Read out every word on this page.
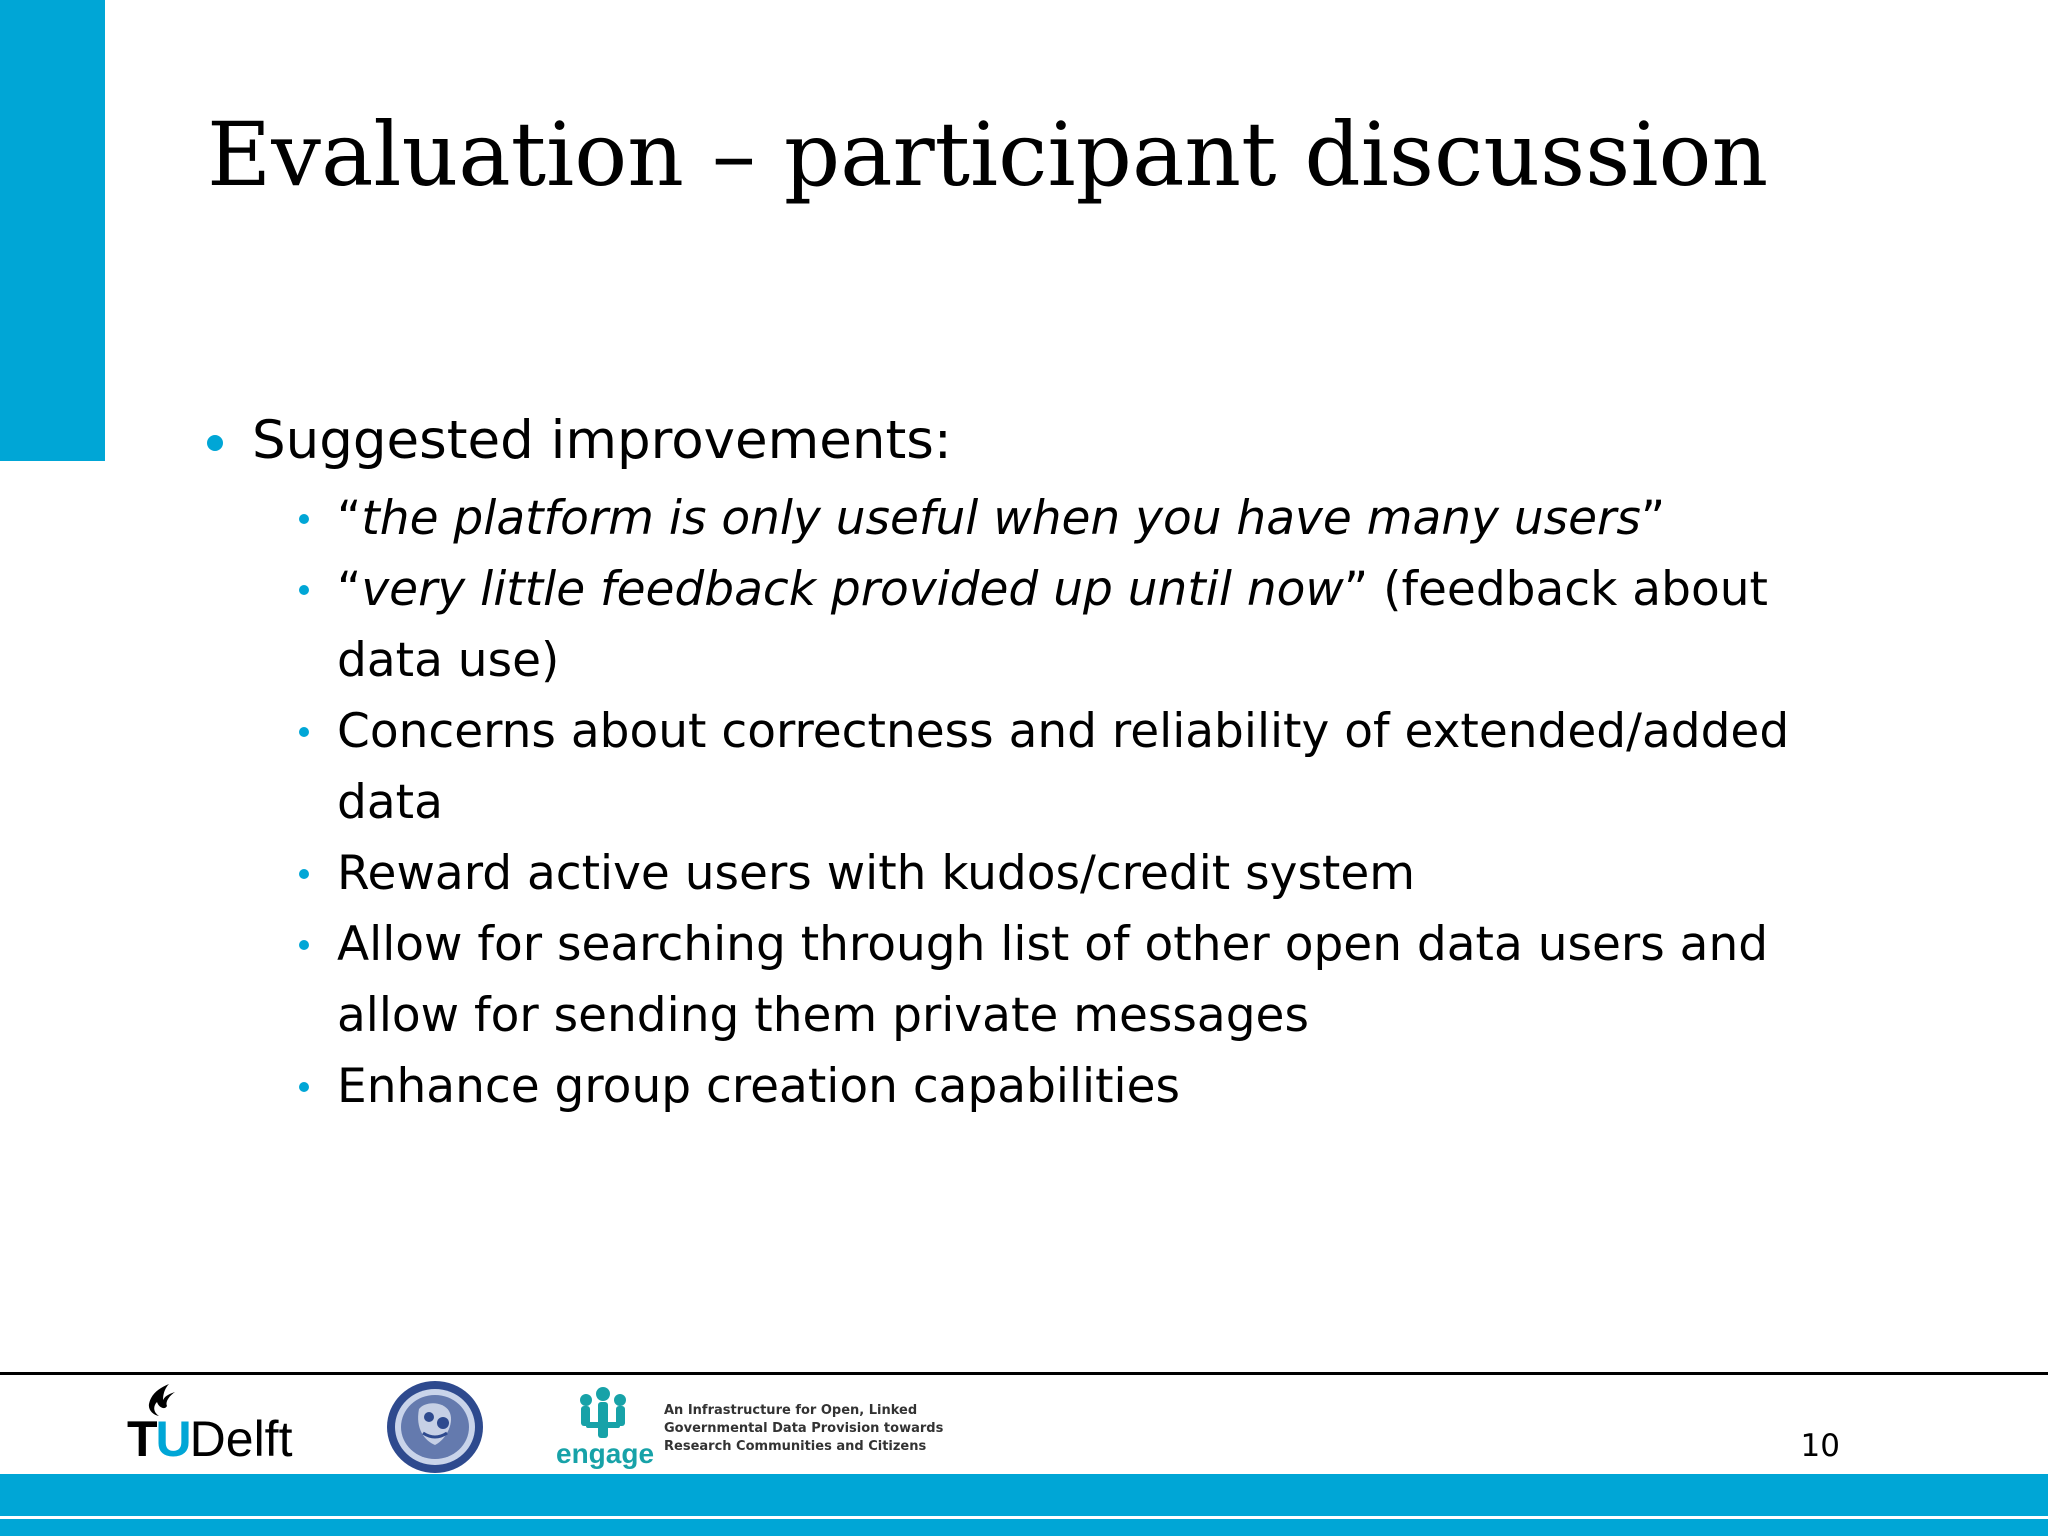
Evaluation – participant discussion
Suggested improvements:
“the platform is only useful when you have many users”
“very little feedback provided up until now” (feedback about data use)
Concerns about correctness and reliability of extended/added data
Reward active users with kudos/credit system
Allow for searching through list of other open data users and allow for sending them private messages
Enhance group creation capabilities
TUDelft	engage
An Infrastructure for Open, Linked
Governmental Data Provision towards
Research Communities and Citizens	10
